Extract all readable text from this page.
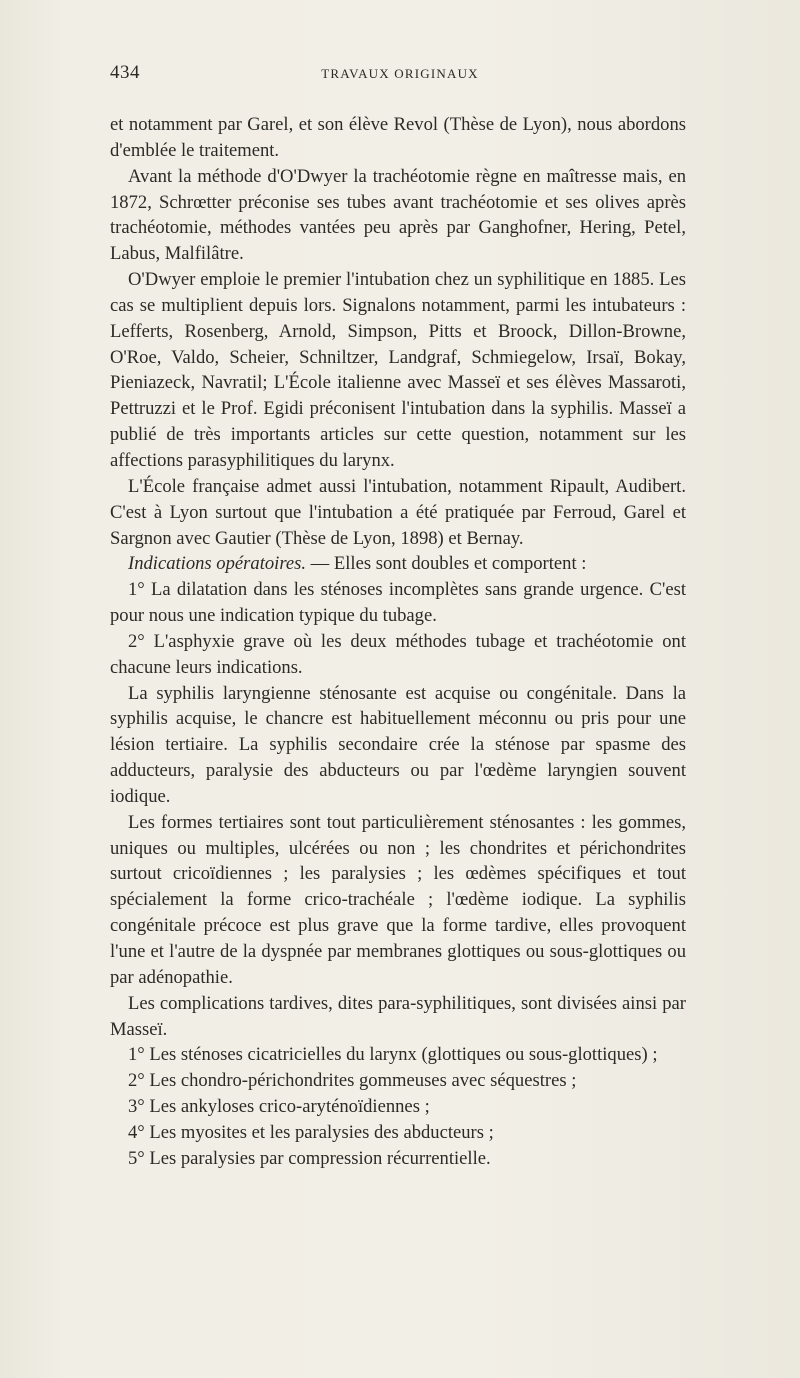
434	TRAVAUX ORIGINAUX

et notamment par Garel, et son élève Revol (Thèse de Lyon), nous abordons d'emblée le traitement.

Avant la méthode d'O'Dwyer la trachéotomie règne en maîtresse mais, en 1872, Schrœtter préconise ses tubes avant trachéotomie et ses olives après trachéotomie, méthodes vantées peu après par Ganghofner, Hering, Petel, Labus, Malfilâtre.

O'Dwyer emploie le premier l'intubation chez un syphilitique en 1885. Les cas se multiplient depuis lors. Signalons notamment, parmi les intubateurs : Lefferts, Rosenberg, Arnold, Simpson, Pitts et Broock, Dillon-Browne, O'Roe, Valdo, Scheier, Schniltzer, Landgraf, Schmiegelow, Irsaï, Bokay, Pieniazeck, Navratil; L'École italienne avec Masseï et ses élèves Massaroti, Pettruzzi et le Prof. Egidi préconisent l'intubation dans la syphilis. Masseï a publié de très importants articles sur cette question, notamment sur les affections parasyphilitiques du larynx.

L'École française admet aussi l'intubation, notamment Ripault, Audibert. C'est à Lyon surtout que l'intubation a été pratiquée par Ferroud, Garel et Sargnon avec Gautier (Thèse de Lyon, 1898) et Bernay.

Indications opératoires. — Elles sont doubles et comportent :

1° La dilatation dans les sténoses incomplètes sans grande urgence. C'est pour nous une indication typique du tubage.

2° L'asphyxie grave où les deux méthodes tubage et trachéotomie ont chacune leurs indications.

La syphilis laryngienne sténosante est acquise ou congénitale. Dans la syphilis acquise, le chancre est habituellement méconnu ou pris pour une lésion tertiaire. La syphilis secondaire crée la sténose par spasme des adducteurs, paralysie des abducteurs ou par l'œdème laryngien souvent iodique.

Les formes tertiaires sont tout particulièrement sténosantes : les gommes, uniques ou multiples, ulcérées ou non ; les chondrites et périchondrites surtout cricoïdiennes ; les paralysies ; les œdèmes spécifiques et tout spécialement la forme crico-trachéale ; l'œdème iodique. La syphilis congénitale précoce est plus grave que la forme tardive, elles provoquent l'une et l'autre de la dyspnée par membranes glottiques ou sous-glottiques ou par adénopathie.

Les complications tardives, dites para-syphilitiques, sont divisées ainsi par Masseï.

1° Les sténoses cicatricielles du larynx (glottiques ou sous-glottiques) ;

2° Les chondro-périchondrites gommeuses avec séquestres ;

3° Les ankyloses crico-aryténoïdiennes ;

4° Les myosites et les paralysies des abducteurs ;

5° Les paralysies par compression récurrentielle.
